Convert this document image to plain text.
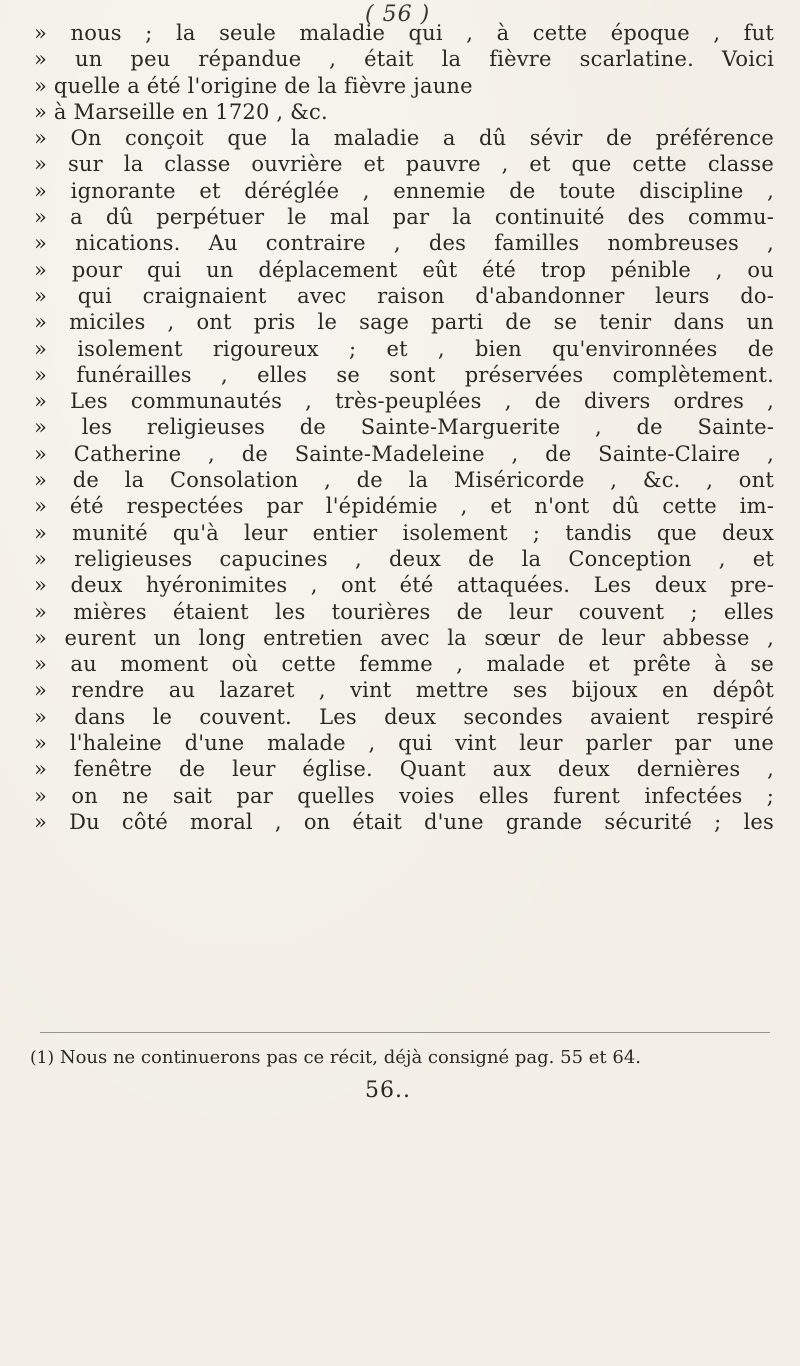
( 56 )
» nous ; la seule maladie qui , à cette époque , fut
» un peu répandue , était la fièvre scarlatine. Voici
» quelle a été l'origine de la fièvre jaune
» à Marseille en 1720 , &c.
» On conçoit que la maladie a dû sévir de préférence
» sur la classe ouvrière et pauvre , et que cette classe
» ignorante et déréglée , ennemie de toute discipline ,
» a dû perpétuer le mal par la continuité des commu-
» nications. Au contraire , des familles nombreuses ,
» pour qui un déplacement eût été trop pénible , ou
» qui craignaient avec raison d'abandonner leurs do-
» miciles , ont pris le sage parti de se tenir dans un
» isolement rigoureux ; et , bien qu'environnées de
» funérailles , elles se sont préservées complètement.
» Les communautés , très-peuplées , de divers ordres ,
» les religieuses de Sainte-Marguerite , de Sainte-
» Catherine , de Sainte-Madeleine , de Sainte-Claire ,
» de la Consolation , de la Miséricorde , &c. , ont
» été respectées par l'épidémie , et n'ont dû cette im-
» munité qu'à leur entier isolement ; tandis que deux
» religieuses capucines , deux de la Conception , et
» deux hyéronimites , ont été attaquées. Les deux pre-
» mières étaient les tourières de leur couvent ; elles
» eurent un long entretien avec la sœur de leur abbesse ,
» au moment où cette femme , malade et prête à se
» rendre au lazaret , vint mettre ses bijoux en dépôt
» dans le couvent. Les deux secondes avaient respiré
» l'haleine d'une malade , qui vint leur parler par une
» fenêtre de leur église. Quant aux deux dernières ,
» on ne sait par quelles voies elles furent infectées ;
» Du côté moral , on était d'une grande sécurité ; les
(1) Nous ne continuerons pas ce récit, déjà consigné pag. 55 et 64.
56..
